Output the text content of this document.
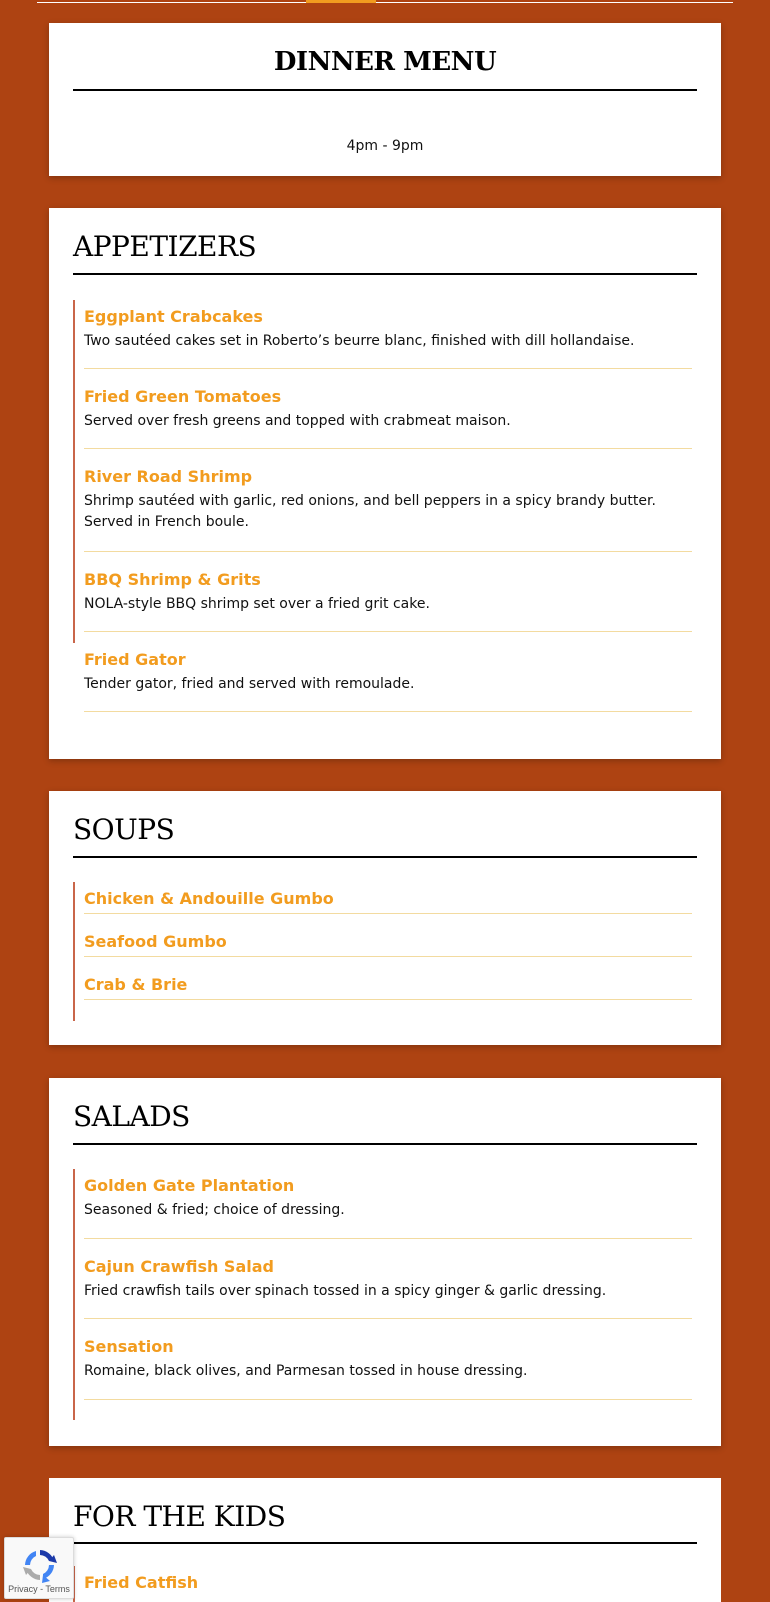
DINNER MENU
4pm - 9pm
APPETIZERS
Eggplant Crabcakes
Two sautéed cakes set in Roberto’s beurre blanc, finished with dill hollandaise.
Fried Green Tomatoes
Served over fresh greens and topped with crabmeat maison.
River Road Shrimp
Shrimp sautéed with garlic, red onions, and bell peppers in a spicy brandy butter. Served in French boule.
BBQ Shrimp & Grits
NOLA-style BBQ shrimp set over a fried grit cake.
Fried Gator
Tender gator, fried and served with remoulade.
SOUPS
Chicken & Andouille Gumbo
Seafood Gumbo
Crab & Brie
SALADS
Golden Gate Plantation
Seasoned & fried; choice of dressing.
Cajun Crawfish Salad
Fried crawfish tails over spinach tossed in a spicy ginger & garlic dressing.
Sensation
Romaine, black olives, and Parmesan tossed in house dressing.
FOR THE KIDS
Fried Catfish
Privacy - Terms
